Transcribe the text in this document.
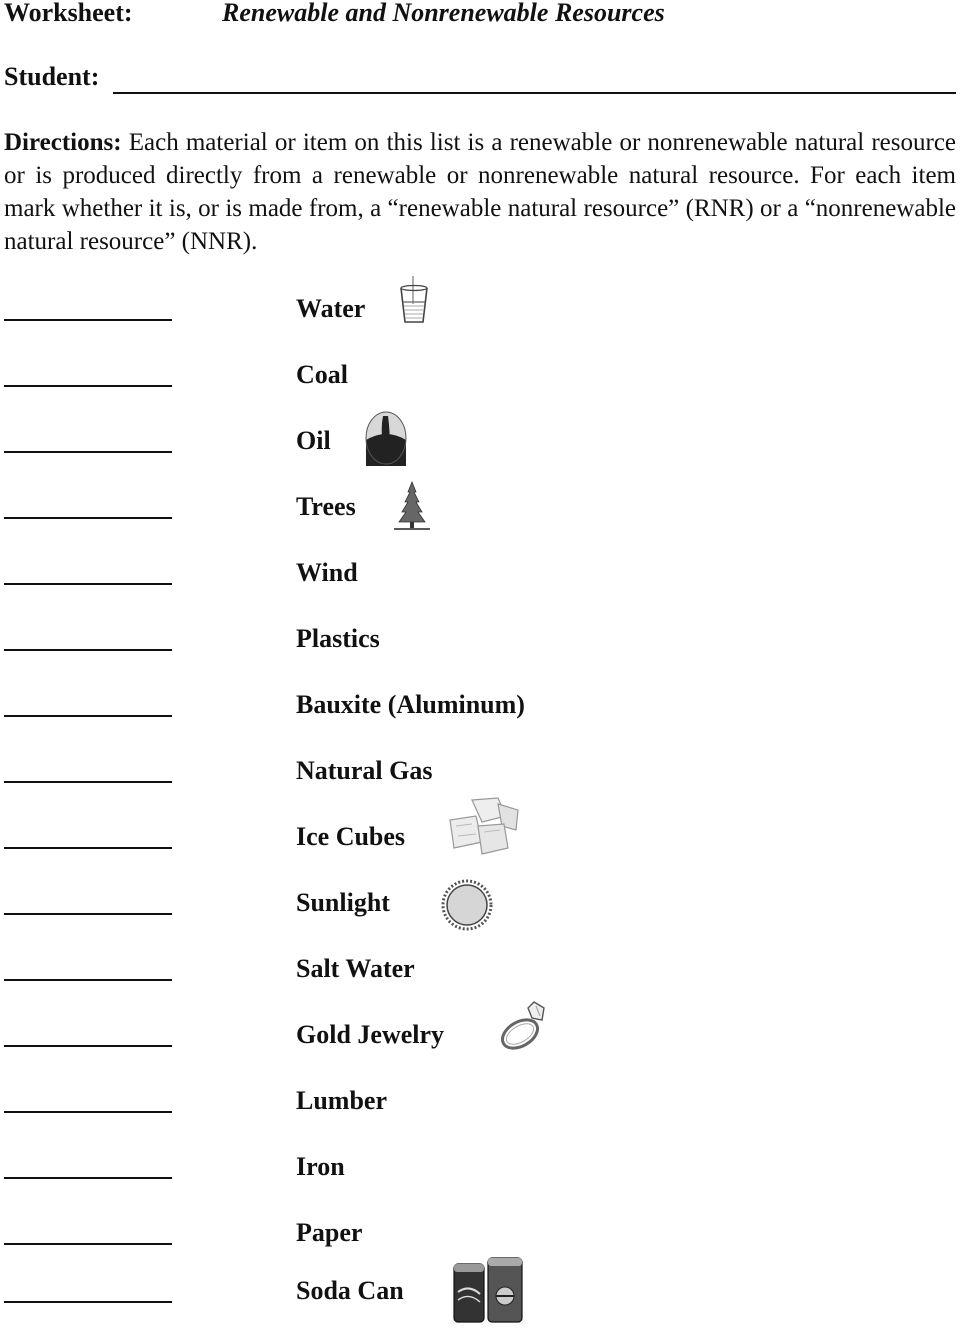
Worksheet:	Renewable and Nonrenewable Resources
Student:
Directions: Each material or item on this list is a renewable or nonrenewable natural resource or is produced directly from a renewable or nonrenewable natural resource. For each item mark whether it is, or is made from, a “renewable natural resource” (RNR) or a “nonrenewable natural resource” (NNR).
Water
Coal
Oil
Trees
Wind
Plastics
Bauxite (Aluminum)
Natural Gas
Ice Cubes
Sunlight
Salt Water
Gold Jewelry
Lumber
Iron
Paper
Soda Can
